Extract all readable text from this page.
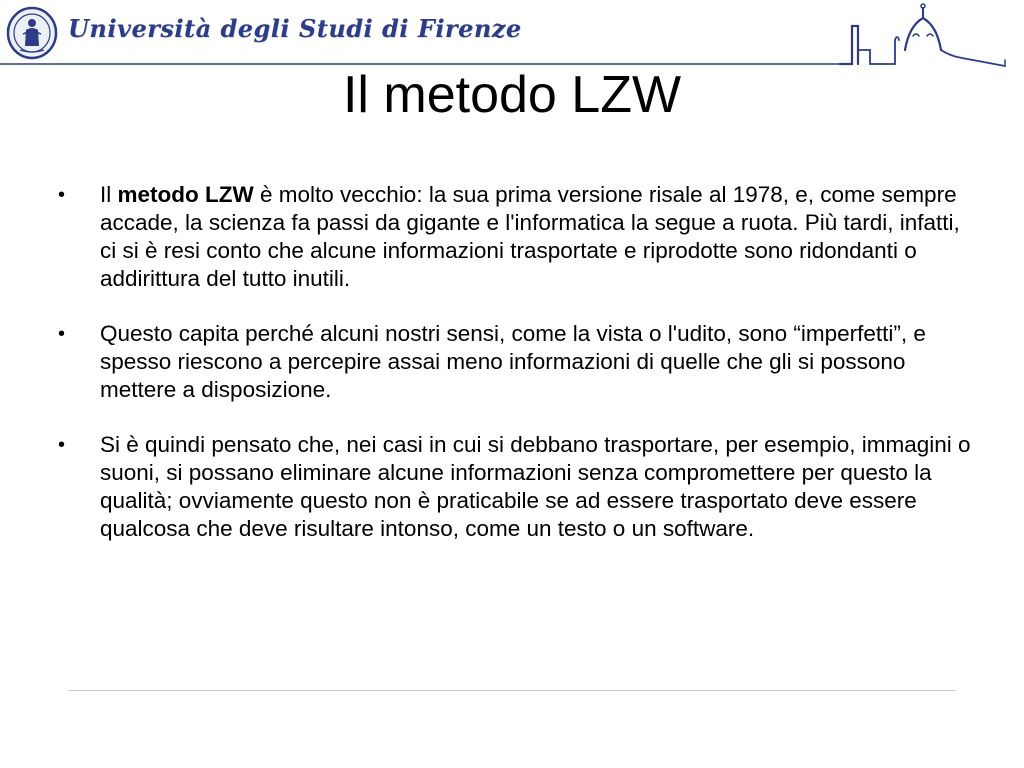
Università degli Studi di Firenze
Il metodo LZW
•	Il metodo LZW è molto vecchio: la sua prima versione risale al 1978, e, come sempre accade, la scienza fa passi da gigante e l'informatica la segue a ruota. Più tardi, infatti, ci si è resi conto che alcune informazioni trasportate e riprodotte sono ridondanti o addirittura del tutto inutili.
•	Questo capita perché alcuni nostri sensi, come la vista o l'udito, sono “imperfetti”, e spesso riescono a percepire assai meno informazioni di quelle che gli si possono mettere a disposizione.
•	Si è quindi pensato che, nei casi in cui si debbano trasportare, per esempio, immagini o suoni, si possano eliminare alcune informazioni senza compromettere per questo la qualità; ovviamente questo non è praticabile se ad essere trasportato deve essere qualcosa che deve risultare intonso, come un testo o un software.
